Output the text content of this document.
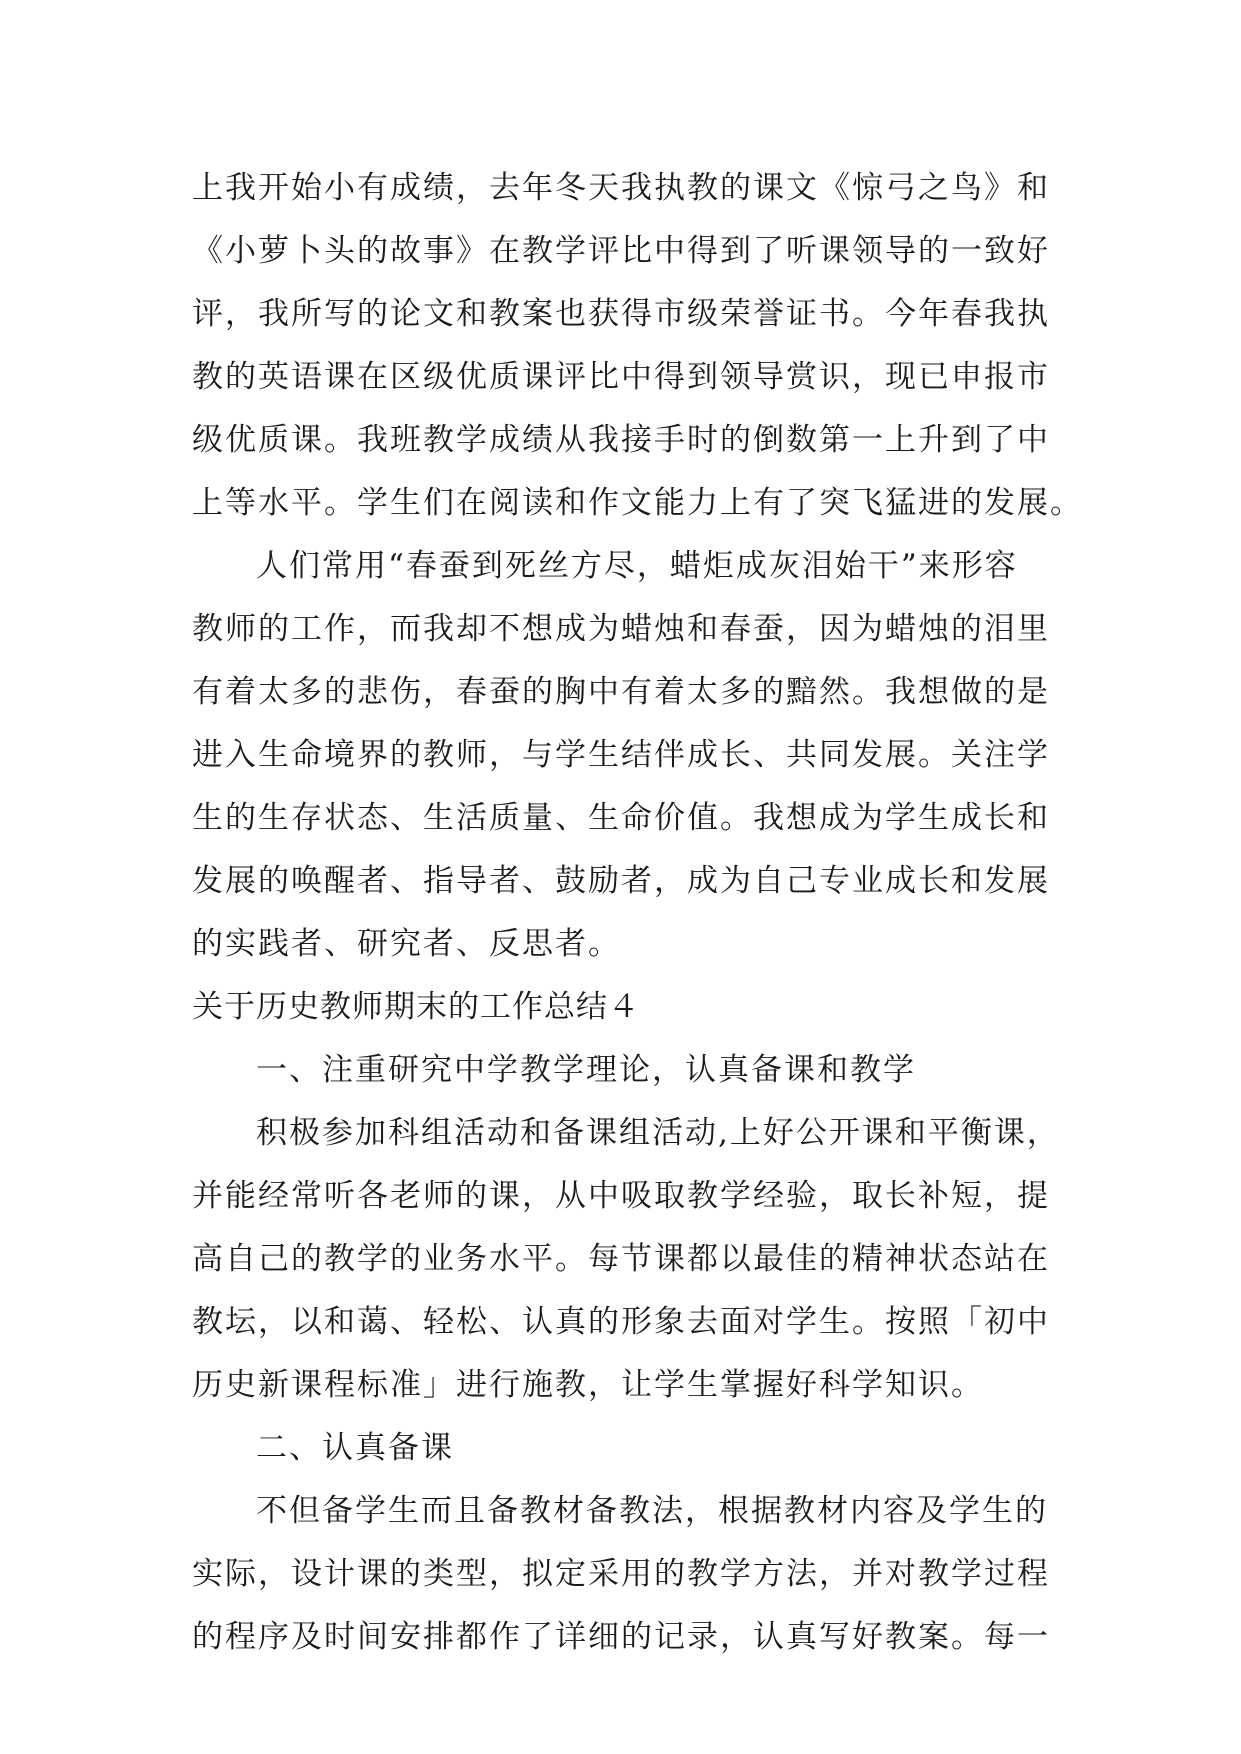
上我开始小有成绩，去年冬天我执教的课文《惊弓之鸟》和
《小萝卜头的故事》在教学评比中得到了听课领导的一致好
评，我所写的论文和教案也获得市级荣誉证书。今年春我执
教的英语课在区级优质课评比中得到领导赏识，现已申报市
级优质课。我班教学成绩从我接手时的倒数第一上升到了中
上等水平。学生们在阅读和作文能力上有了突飞猛进的发展。
人们常用“春蚕到死丝方尽，蜡炬成灰泪始干”来形容
教师的工作，而我却不想成为蜡烛和春蚕，因为蜡烛的泪里
有着太多的悲伤，春蚕的胸中有着太多的黯然。我想做的是
进入生命境界的教师，与学生结伴成长、共同发展。关注学
生的生存状态、生活质量、生命价值。我想成为学生成长和
发展的唤醒者、指导者、鼓励者，成为自己专业成长和发展
的实践者、研究者、反思者。
关于历史教师期末的工作总结４
一、注重研究中学教学理论，认真备课和教学
积极参加科组活动和备课组活动,上好公开课和平衡课，
并能经常听各老师的课，从中吸取教学经验，取长补短，提
高自己的教学的业务水平。每节课都以最佳的精神状态站在
教坛，以和蔼、轻松、认真的形象去面对学生。按照「初中
历史新课程标准」进行施教，让学生掌握好科学知识。
二、认真备课
不但备学生而且备教材备教法，根据教材内容及学生的
实际，设计课的类型，拟定采用的教学方法，并对教学过程
的程序及时间安排都作了详细的记录，认真写好教案。每一
